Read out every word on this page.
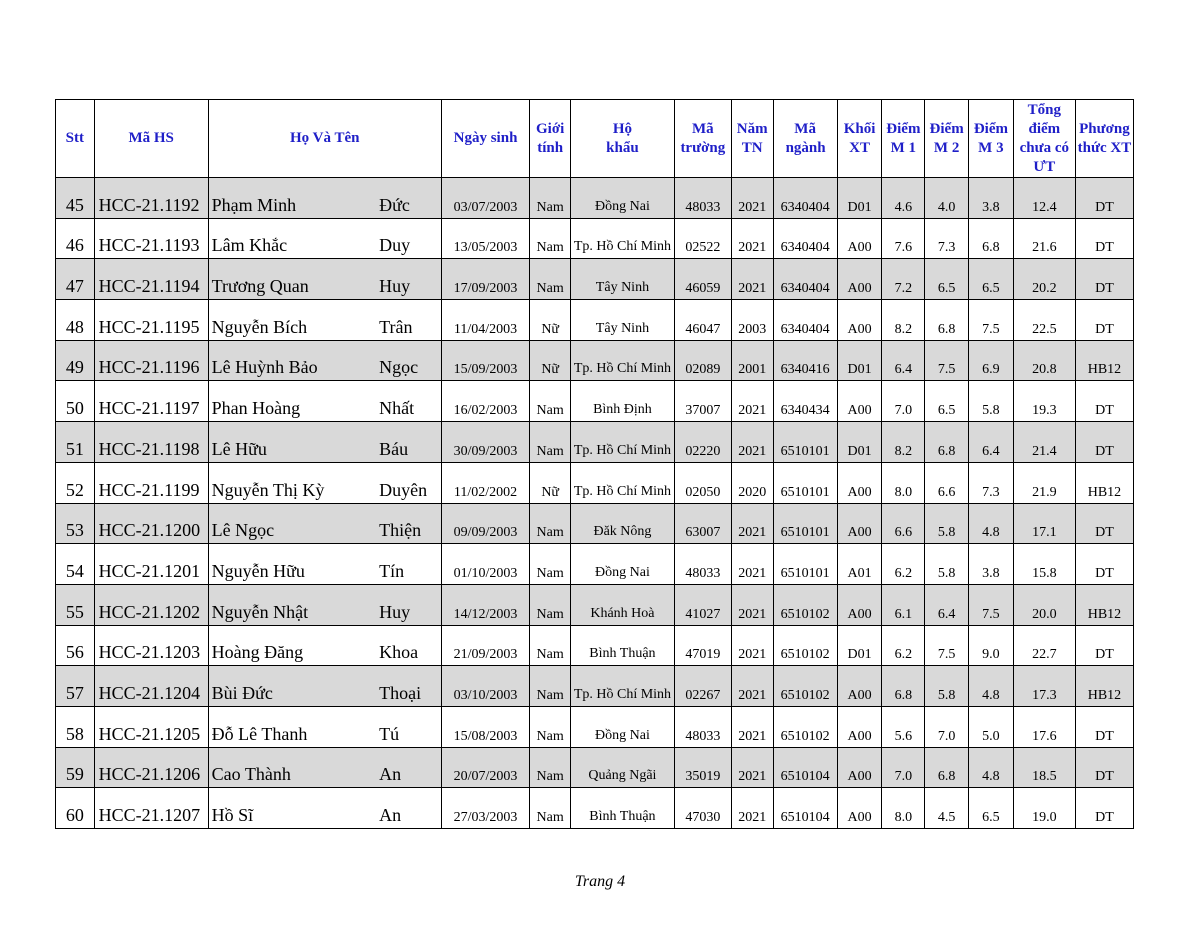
Stt	Mã HS	Họ Và Tên		Ngày sinh	Giới tính	Hộ khẩu	Mã trường	Năm TN	Mã ngành	Khối XT	Điểm M 1	Điểm M 2	Điểm M 3	Tổng điểm chưa có ƯT	Phương thức XT
45	HCC-21.1192	Phạm Minh	Đức	03/07/2003	Nam	Đồng Nai	48033	2021	6340404	D01	4.6	4.0	3.8	12.4	DT
46	HCC-21.1193	Lâm Khắc	Duy	13/05/2003	Nam	Tp. Hồ Chí Minh	02522	2021	6340404	A00	7.6	7.3	6.8	21.6	DT
47	HCC-21.1194	Trương Quan	Huy	17/09/2003	Nam	Tây Ninh	46059	2021	6340404	A00	7.2	6.5	6.5	20.2	DT
48	HCC-21.1195	Nguyễn Bích	Trân	11/04/2003	Nữ	Tây Ninh	46047	2003	6340404	A00	8.2	6.8	7.5	22.5	DT
49	HCC-21.1196	Lê Huỳnh Bảo	Ngọc	15/09/2003	Nữ	Tp. Hồ Chí Minh	02089	2001	6340416	D01	6.4	7.5	6.9	20.8	HB12
50	HCC-21.1197	Phan Hoàng	Nhất	16/02/2003	Nam	Bình Định	37007	2021	6340434	A00	7.0	6.5	5.8	19.3	DT
51	HCC-21.1198	Lê Hữu	Báu	30/09/2003	Nam	Tp. Hồ Chí Minh	02220	2021	6510101	D01	8.2	6.8	6.4	21.4	DT
52	HCC-21.1199	Nguyễn Thị Kỳ	Duyên	11/02/2002	Nữ	Tp. Hồ Chí Minh	02050	2020	6510101	A00	8.0	6.6	7.3	21.9	HB12
53	HCC-21.1200	Lê Ngọc	Thiện	09/09/2003	Nam	Đăk Nông	63007	2021	6510101	A00	6.6	5.8	4.8	17.1	DT
54	HCC-21.1201	Nguyễn Hữu	Tín	01/10/2003	Nam	Đồng Nai	48033	2021	6510101	A01	6.2	5.8	3.8	15.8	DT
55	HCC-21.1202	Nguyễn Nhật	Huy	14/12/2003	Nam	Khánh Hoà	41027	2021	6510102	A00	6.1	6.4	7.5	20.0	HB12
56	HCC-21.1203	Hoàng Đăng	Khoa	21/09/2003	Nam	Bình Thuận	47019	2021	6510102	D01	6.2	7.5	9.0	22.7	DT
57	HCC-21.1204	Bùi Đức	Thoại	03/10/2003	Nam	Tp. Hồ Chí Minh	02267	2021	6510102	A00	6.8	5.8	4.8	17.3	HB12
58	HCC-21.1205	Đỗ Lê Thanh	Tú	15/08/2003	Nam	Đồng Nai	48033	2021	6510102	A00	5.6	7.0	5.0	17.6	DT
59	HCC-21.1206	Cao Thành	An	20/07/2003	Nam	Quảng Ngãi	35019	2021	6510104	A00	7.0	6.8	4.8	18.5	DT
60	HCC-21.1207	Hồ Sĩ	An	27/03/2003	Nam	Bình Thuận	47030	2021	6510104	A00	8.0	4.5	6.5	19.0	DT
Trang 4
